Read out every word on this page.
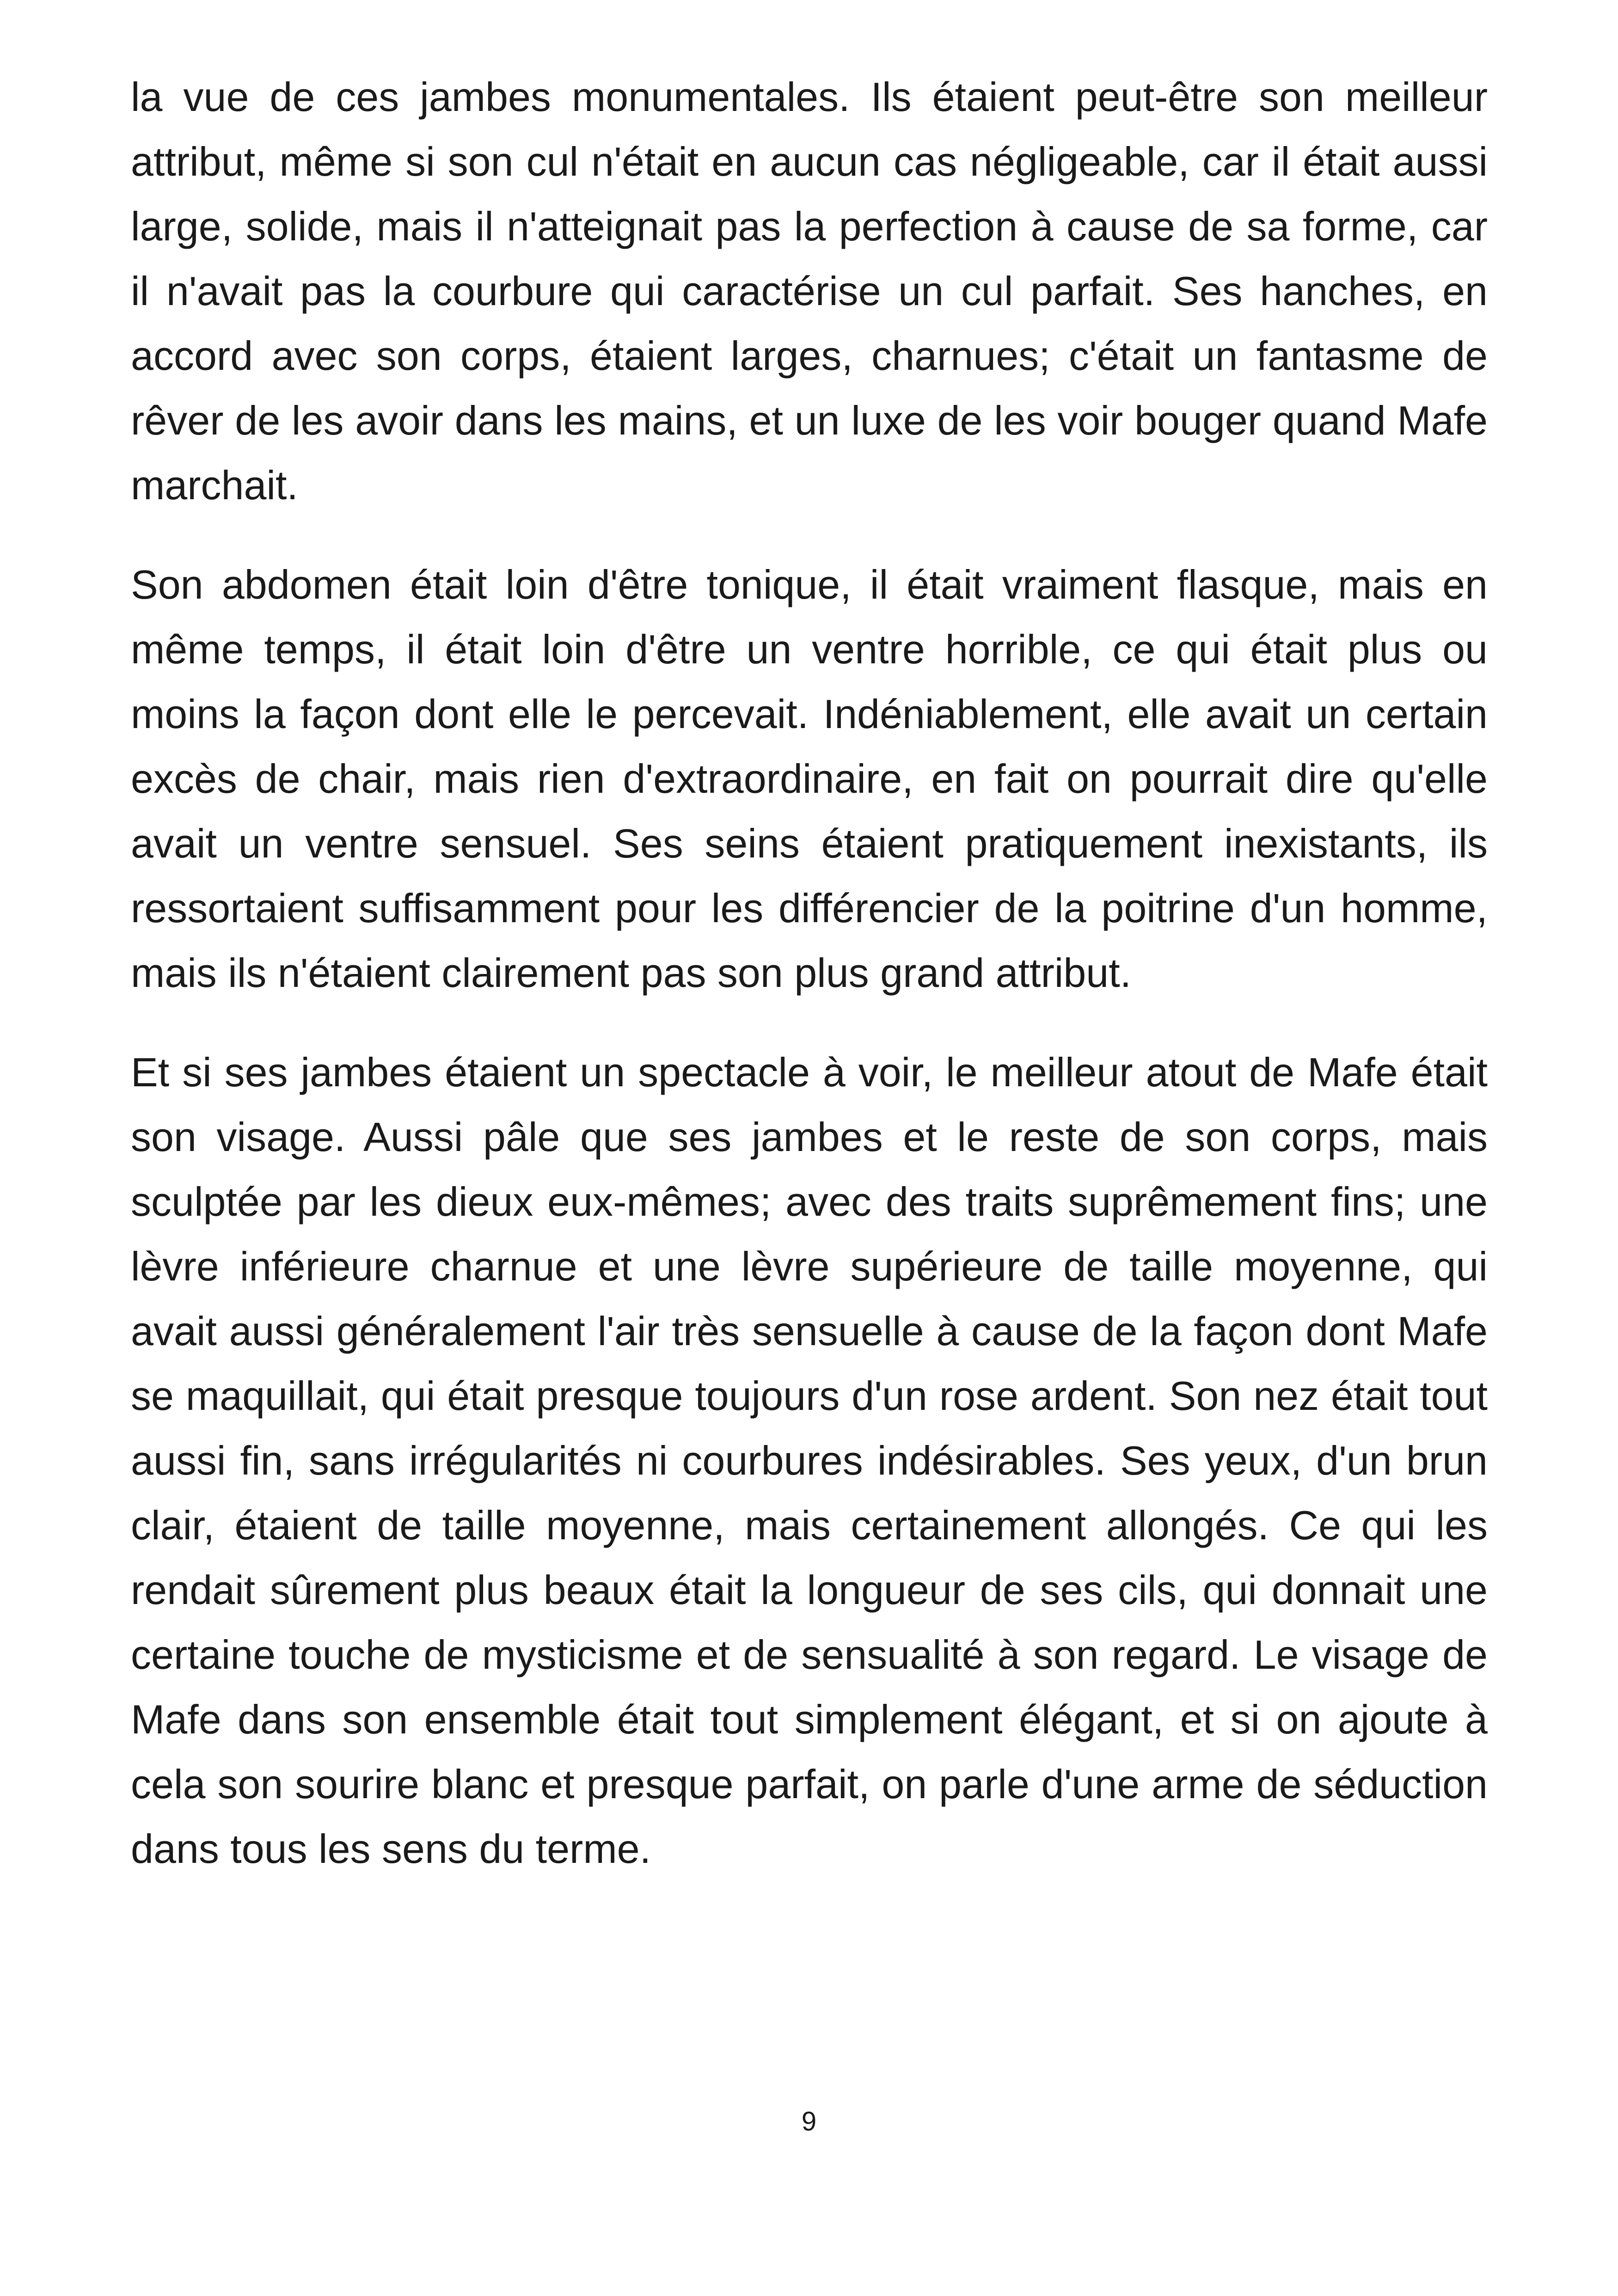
la vue de ces jambes monumentales. Ils étaient peut-être son meilleur attribut, même si son cul n'était en aucun cas négligeable, car il était aussi large, solide, mais il n'atteignait pas la perfection à cause de sa forme, car il n'avait pas la courbure qui caractérise un cul parfait. Ses hanches, en accord avec son corps, étaient larges, charnues; c'était un fantasme de rêver de les avoir dans les mains, et un luxe de les voir bouger quand Mafe marchait.

Son abdomen était loin d'être tonique, il était vraiment flasque, mais en même temps, il était loin d'être un ventre horrible, ce qui était plus ou moins la façon dont elle le percevait. Indéniablement, elle avait un certain excès de chair, mais rien d'extraordinaire, en fait on pourrait dire qu'elle avait un ventre sensuel. Ses seins étaient pratiquement inexistants, ils ressortaient suffisamment pour les différencier de la poitrine d'un homme, mais ils n'étaient clairement pas son plus grand attribut.

Et si ses jambes étaient un spectacle à voir, le meilleur atout de Mafe était son visage. Aussi pâle que ses jambes et le reste de son corps, mais sculptée par les dieux eux-mêmes; avec des traits suprêmement fins; une lèvre inférieure charnue et une lèvre supérieure de taille moyenne, qui avait aussi généralement l'air très sensuelle à cause de la façon dont Mafe se maquillait, qui était presque toujours d'un rose ardent. Son nez était tout aussi fin, sans irrégularités ni courbures indésirables. Ses yeux, d'un brun clair, étaient de taille moyenne, mais certainement allongés. Ce qui les rendait sûrement plus beaux était la longueur de ses cils, qui donnait une certaine touche de mysticisme et de sensualité à son regard. Le visage de Mafe dans son ensemble était tout simplement élégant, et si on ajoute à cela son sourire blanc et presque parfait, on parle d'une arme de séduction dans tous les sens du terme.

9
